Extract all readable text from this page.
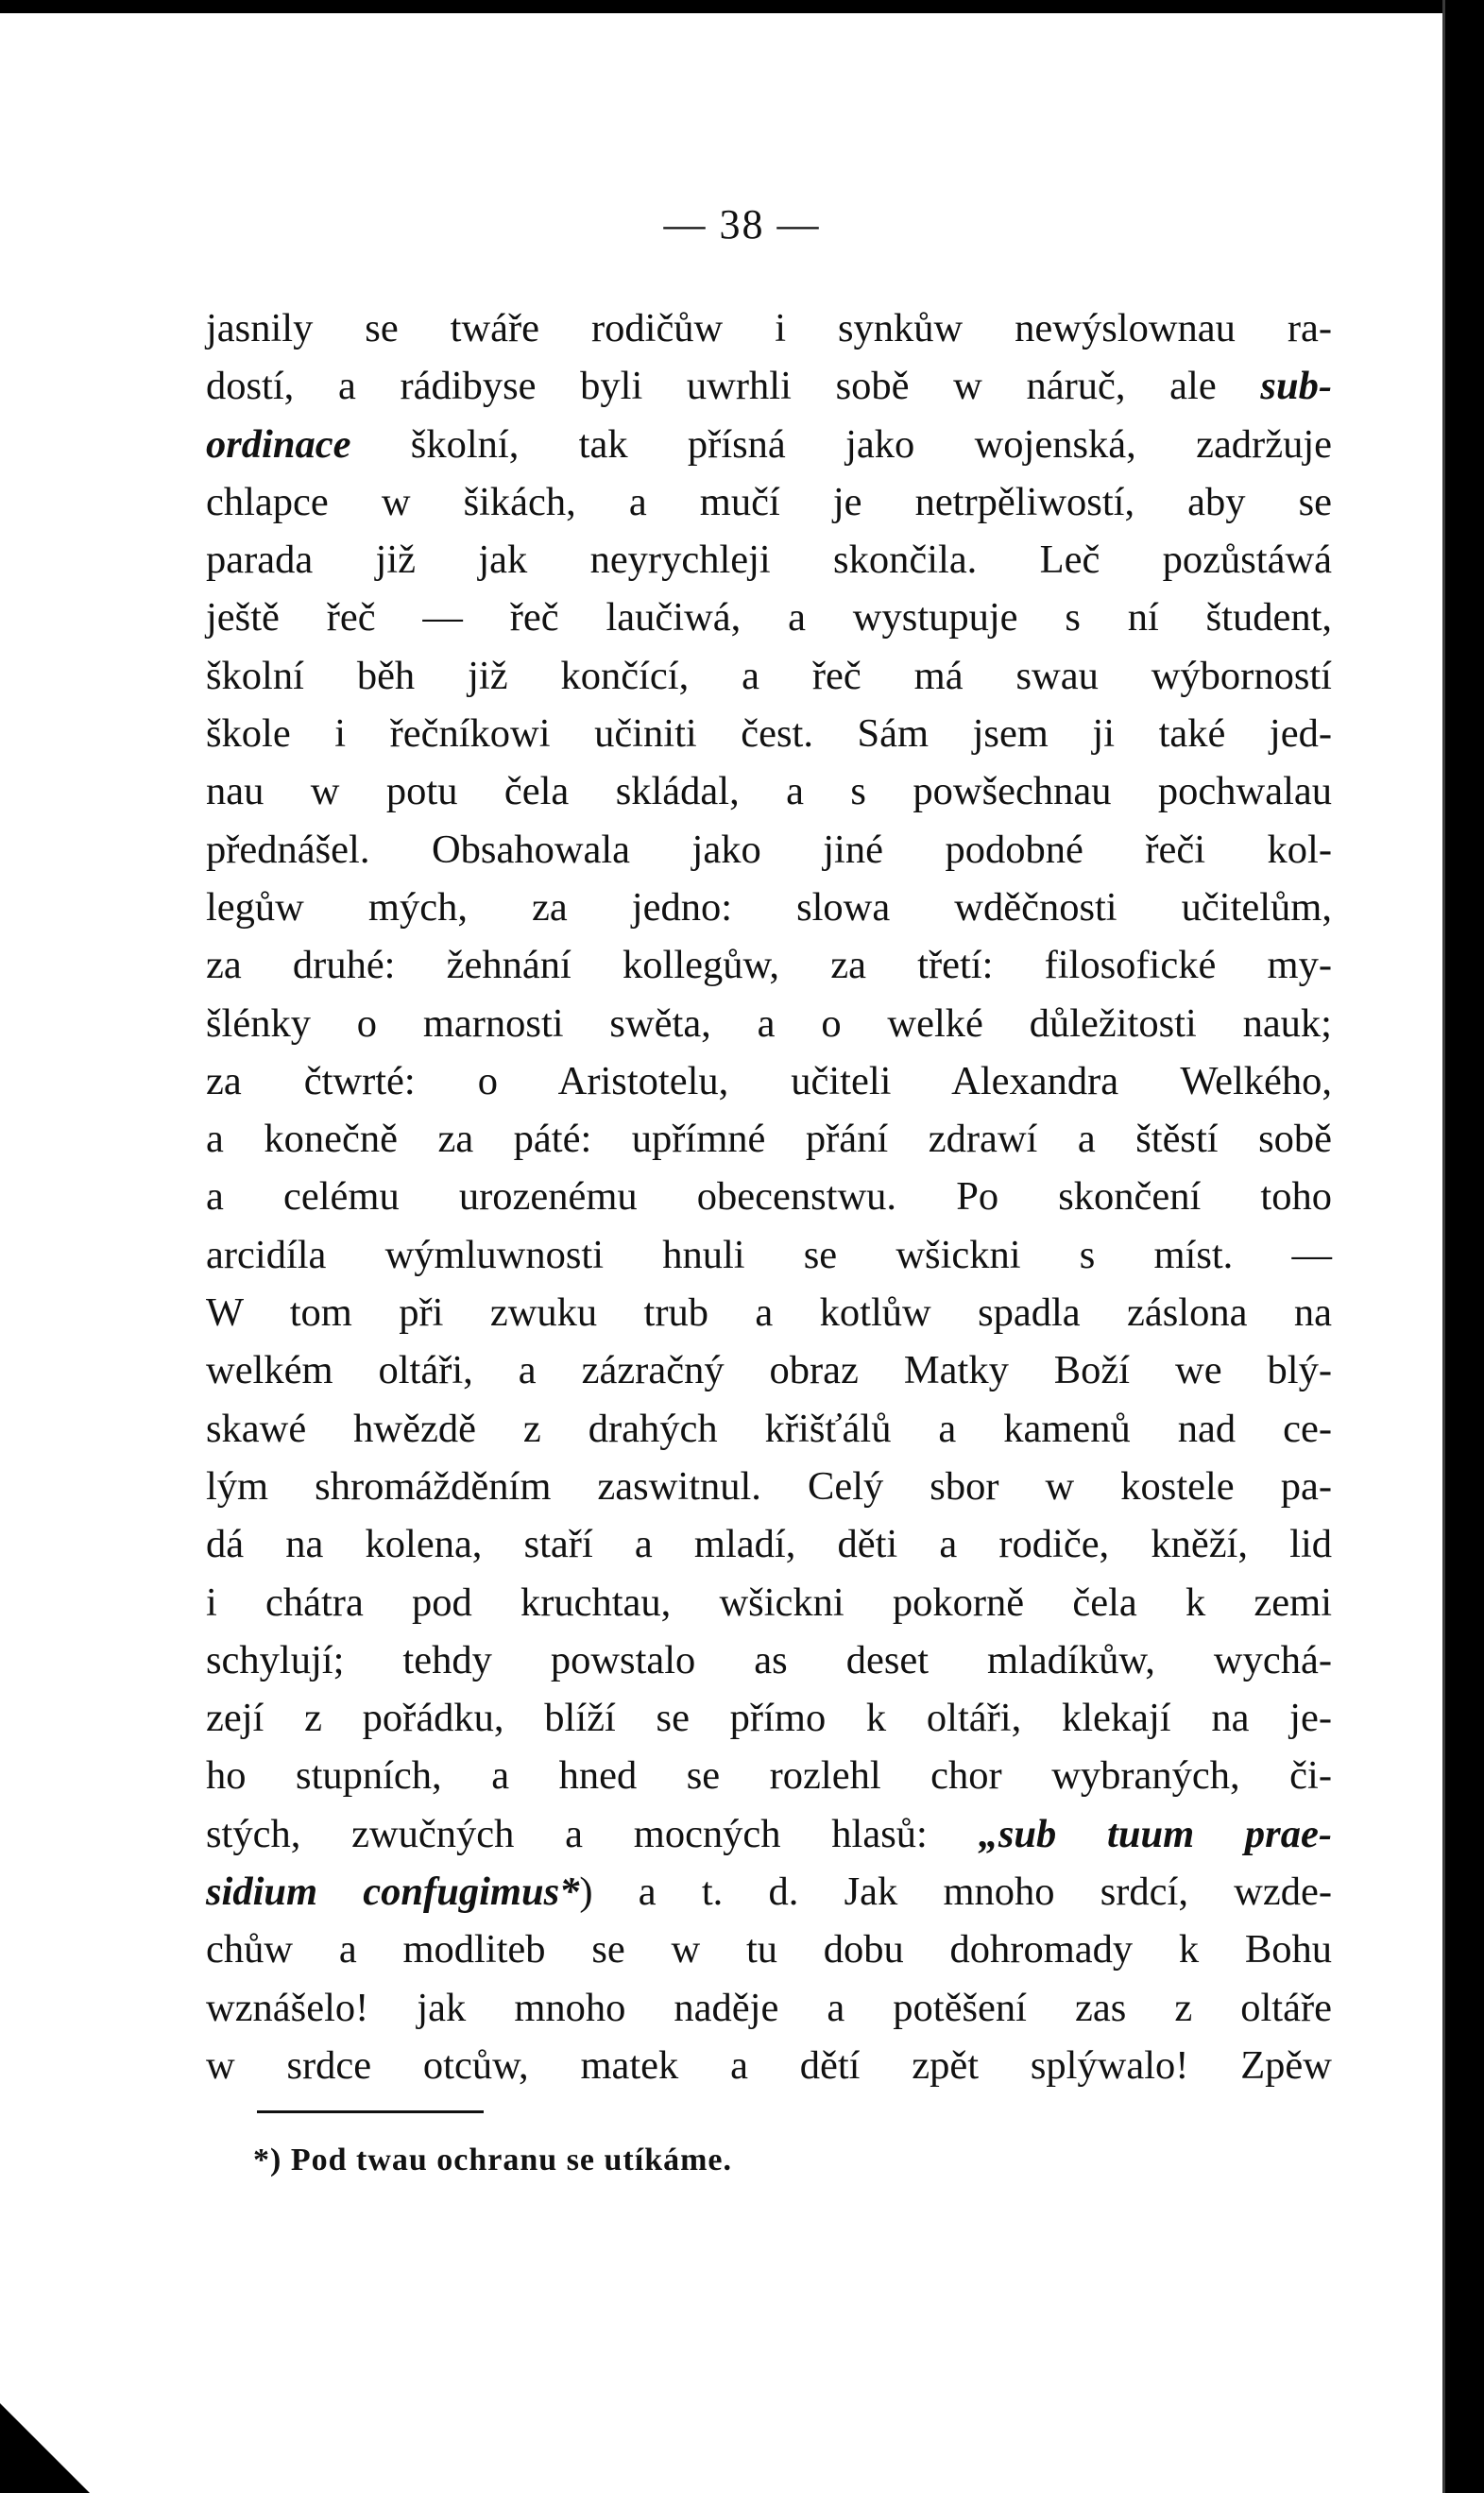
— 38 —
jasnily se twáře rodičůw i synkůw newýslownau ra-
dostí, a rádibyse byli uwrhli sobě w náruč, ale sub-
ordinace školní, tak přísná jako wojenská, zadržuje
chlapce w šikách, a mučí je netrpěliwostí, aby se
parada již jak neyrychleji skončila. Leč pozůstáwá
ještě řeč — řeč laučiwá, a wystupuje s ní študent,
školní běh již končící, a řeč má swau wýborností
škole i řečníkowi učiniti čest. Sám jsem ji také jed-
nau w potu čela skládal, a s powšechnau pochwalau
přednášel. Obsahowala jako jiné podobné řeči kol-
legůw mých, za jedno: slowa wděčnosti učitelům,
za druhé: žehnání kollegůw, za třetí: filosofické my-
šlénky o marnosti swěta, a o welké důležitosti nauk;
za čtwrté: o Aristotelu, učiteli Alexandra Welkého,
a konečně za páté: upřímné přání zdrawí a štěstí sobě
a celému urozenému obecenstwu. Po skončení toho
arcidíla wýmluwnosti hnuli se wšickni s míst. —
W tom při zwuku trub a kotlůw spadla záslona na
welkém oltáři, a zázračný obraz Matky Boží we blý-
skawé hwězdě z drahých křišťálů a kamenů nad ce-
lým shromážděním zaswitnul. Celý sbor w kostele pa-
dá na kolena, staří a mladí, děti a rodiče, kněží, lid
i chátra pod kruchtau, wšickni pokorně čela k zemi
schylují; tehdy powstalo as deset mladíkůw, wychá-
zejí z pořádku, blíží se přímo k oltáři, klekají na je-
ho stupních, a hned se rozlehl chor wybraných, či-
stých, zwučných a mocných hlasů: „sub tuum prae-
sidium confugimus*) a t. d. Jak mnoho srdcí, wzde-
chůw a modliteb se w tu dobu dohromady k Bohu
wznášelo! jak mnoho naděje a potěšení zas z oltáře
w srdce otcůw, matek a dětí zpět splýwalo! Zpěw
*) Pod twau ochranu se utíkáme.
